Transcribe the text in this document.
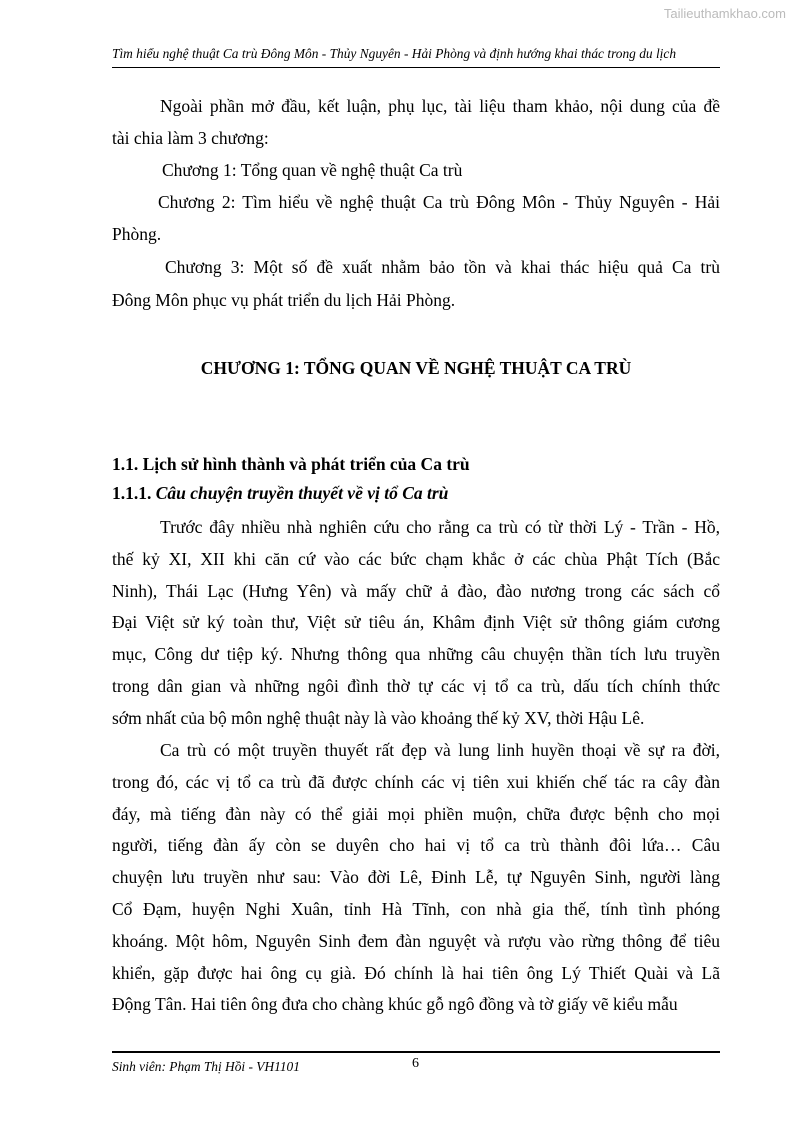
Tailieuthamkhao.com
Tìm hiểu nghệ thuật Ca trù Đông Môn - Thủy Nguyên - Hải Phòng và định hướng khai thác trong du lịch
Ngoài phần mở đầu, kết luận, phụ lục, tài liệu tham khảo, nội dung của đề
tài chia làm 3 chương:
Chương 1: Tổng quan về nghệ thuật Ca trù
Chương 2: Tìm hiểu về nghệ thuật Ca trù Đông Môn - Thủy Nguyên - Hải
Phòng.
Chương 3: Một số đề xuất nhằm bảo tồn và khai thác hiệu quả Ca trù
Đông Môn phục vụ phát triển du lịch Hải Phòng.
CHƯƠNG 1: TỔNG QUAN VỀ NGHỆ THUẬT CA TRÙ
1.1. Lịch sử hình thành và phát triển của Ca trù
1.1.1. Câu chuyện truyền thuyết về vị tổ Ca trù
Trước đây nhiều nhà nghiên cứu cho rằng ca trù có từ thời Lý - Trần - Hồ,
thế kỷ XI, XII khi căn cứ vào các bức chạm khắc ở các chùa Phật Tích (Bắc
Ninh), Thái Lạc (Hưng Yên) và mấy chữ ả đào, đào nương trong các sách cổ
Đại Việt sử ký toàn thư, Việt sử tiêu án, Khâm định Việt sử thông giám cương
mục, Công dư tiệp ký. Nhưng thông qua những câu chuyện thần tích lưu truyền
trong dân gian và những ngôi đình thờ tự các vị tổ ca trù, dấu tích chính thức
sớm nhất của bộ môn nghệ thuật này là vào khoảng thế kỷ XV, thời Hậu Lê.
Ca trù có một truyền thuyết rất đẹp và lung linh huyền thoại về sự ra đời,
trong đó, các vị tổ ca trù đã được chính các vị tiên xui khiến chế tác ra cây đàn
đáy, mà tiếng đàn này có thể giải mọi phiền muộn, chữa được bệnh cho mọi
người, tiếng đàn ấy còn se duyên cho hai vị tổ ca trù thành đôi lứa… Câu
chuyện lưu truyền như sau: Vào đời Lê, Đinh Lễ, tự Nguyên Sinh, người làng
Cổ Đạm, huyện Nghi Xuân, tỉnh Hà Tĩnh, con nhà gia thế, tính tình phóng
khoáng. Một hôm, Nguyên Sinh đem đàn nguyệt và rượu vào rừng thông để tiêu
khiển, gặp được hai ông cụ già. Đó chính là hai tiên ông Lý Thiết Quài và Lã
Động Tân. Hai tiên ông đưa cho chàng khúc gỗ ngô đồng và tờ giấy vẽ kiểu mẫu
Sinh viên: Phạm Thị Hồi - VH1101	6
